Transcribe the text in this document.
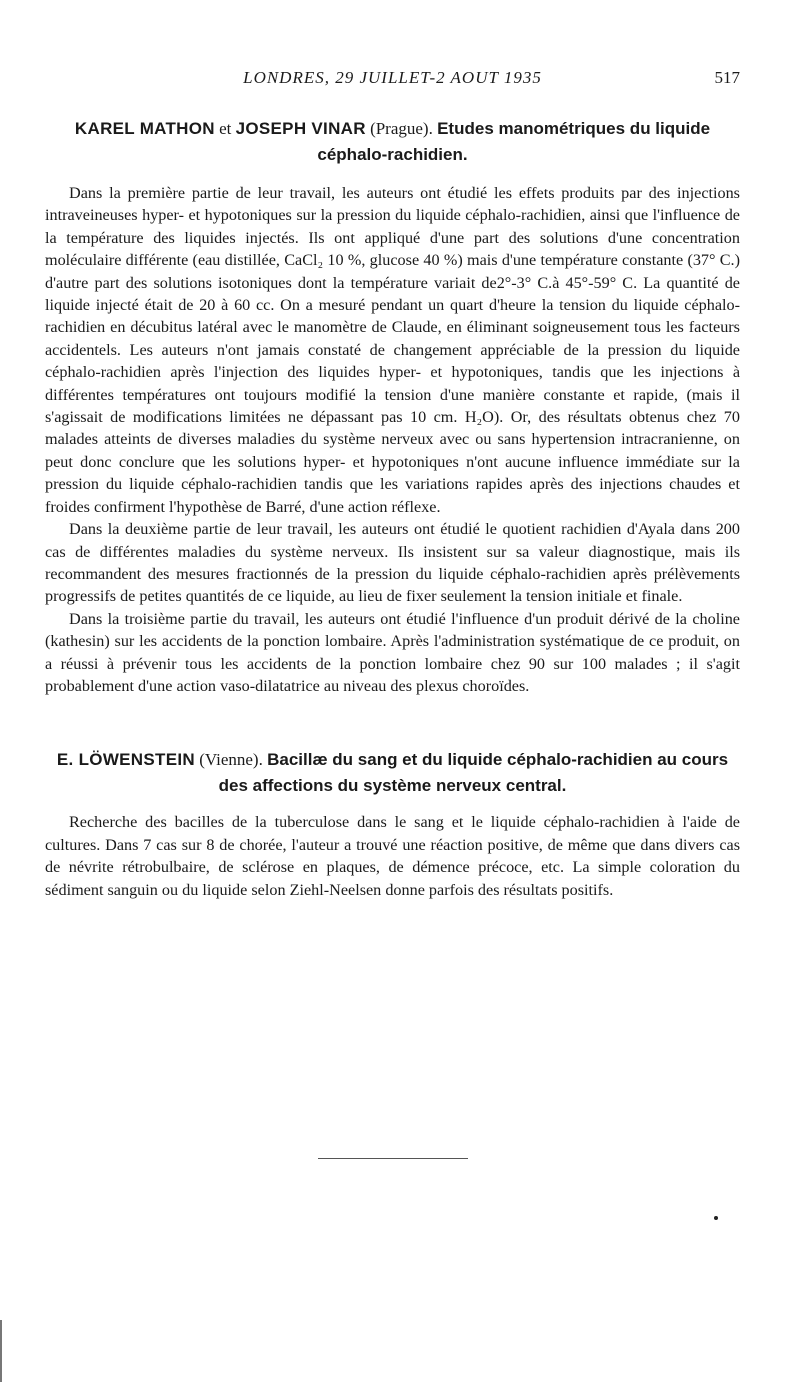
LONDRES, 29 JUILLET-2 AOUT 1935	517
KAREL MATHON et JOSEPH VINAR (Prague). Etudes manométriques du liquide céphalo-rachidien.

Dans la première partie de leur travail, les auteurs ont étudié les effets produits par des injections intraveineuses hyper- et hypotoniques sur la pression du liquide céphalo-rachidien, ainsi que l'influence de la température des liquides injectés. Ils ont appliqué d'une part des solutions d'une concentration moléculaire différente (eau distillée, CaCl₂ 10 %, glucose 40 %) mais d'une température constante (37° C.) d'autre part des solutions isotoniques dont la température variait de2°-3° C.à 45°-59° C. La quantité de liquide injecté était de 20 à 60 cc. On a mesuré pendant un quart d'heure la tension du liquide céphalo-rachidien en décubitus latéral avec le manomètre de Claude, en éliminant soigneusement tous les facteurs accidentels. Les auteurs n'ont jamais constaté de changement appréciable de la pression du liquide céphalo-rachidien après l'injection des liquides hyper- et hypotoniques, tandis que les injections à différentes températures ont toujours modifié la tension d'une manière constante et rapide, (mais il s'agissait de modifications limitées ne dépassant pas 10 cm. H₂O). Or, des résultats obtenus chez 70 malades atteints de diverses maladies du système nerveux avec ou sans hypertension intracranienne, on peut donc conclure que les solutions hyper- et hypotoniques n'ont aucune influence immédiate sur la pression du liquide céphalo-rachidien tandis que les variations rapides après des injections chaudes et froides confirment l'hypothèse de Barré, d'une action réflexe.

Dans la deuxième partie de leur travail, les auteurs ont étudié le quotient rachidien d'Ayala dans 200 cas de différentes maladies du système nerveux. Ils insistent sur sa valeur diagnostique, mais ils recommandent des mesures fractionnés de la pression du liquide céphalo-rachidien après prélèvements progressifs de petites quantités de ce liquide, au lieu de fixer seulement la tension initiale et finale.

Dans la troisième partie du travail, les auteurs ont étudié l'influence d'un produit dérivé de la choline (kathesin) sur les accidents de la ponction lombaire. Après l'administration systématique de ce produit, on a réussi à prévenir tous les accidents de la ponction lombaire chez 90 sur 100 malades ; il s'agit probablement d'une action vaso-dilatatrice au niveau des plexus choroïdes.

E. LÖWENSTEIN (Vienne). Bacillæ du sang et du liquide céphalo-rachidien au cours des affections du système nerveux central.

Recherche des bacilles de la tuberculose dans le sang et le liquide céphalo-rachidien à l'aide de cultures. Dans 7 cas sur 8 de chorée, l'auteur a trouvé une réaction positive, de même que dans divers cas de névrite rétrobulbaire, de sclérose en plaques, de démence précoce, etc. La simple coloration du sédiment sanguin ou du liquide selon Ziehl-Neelsen donne parfois des résultats positifs.
